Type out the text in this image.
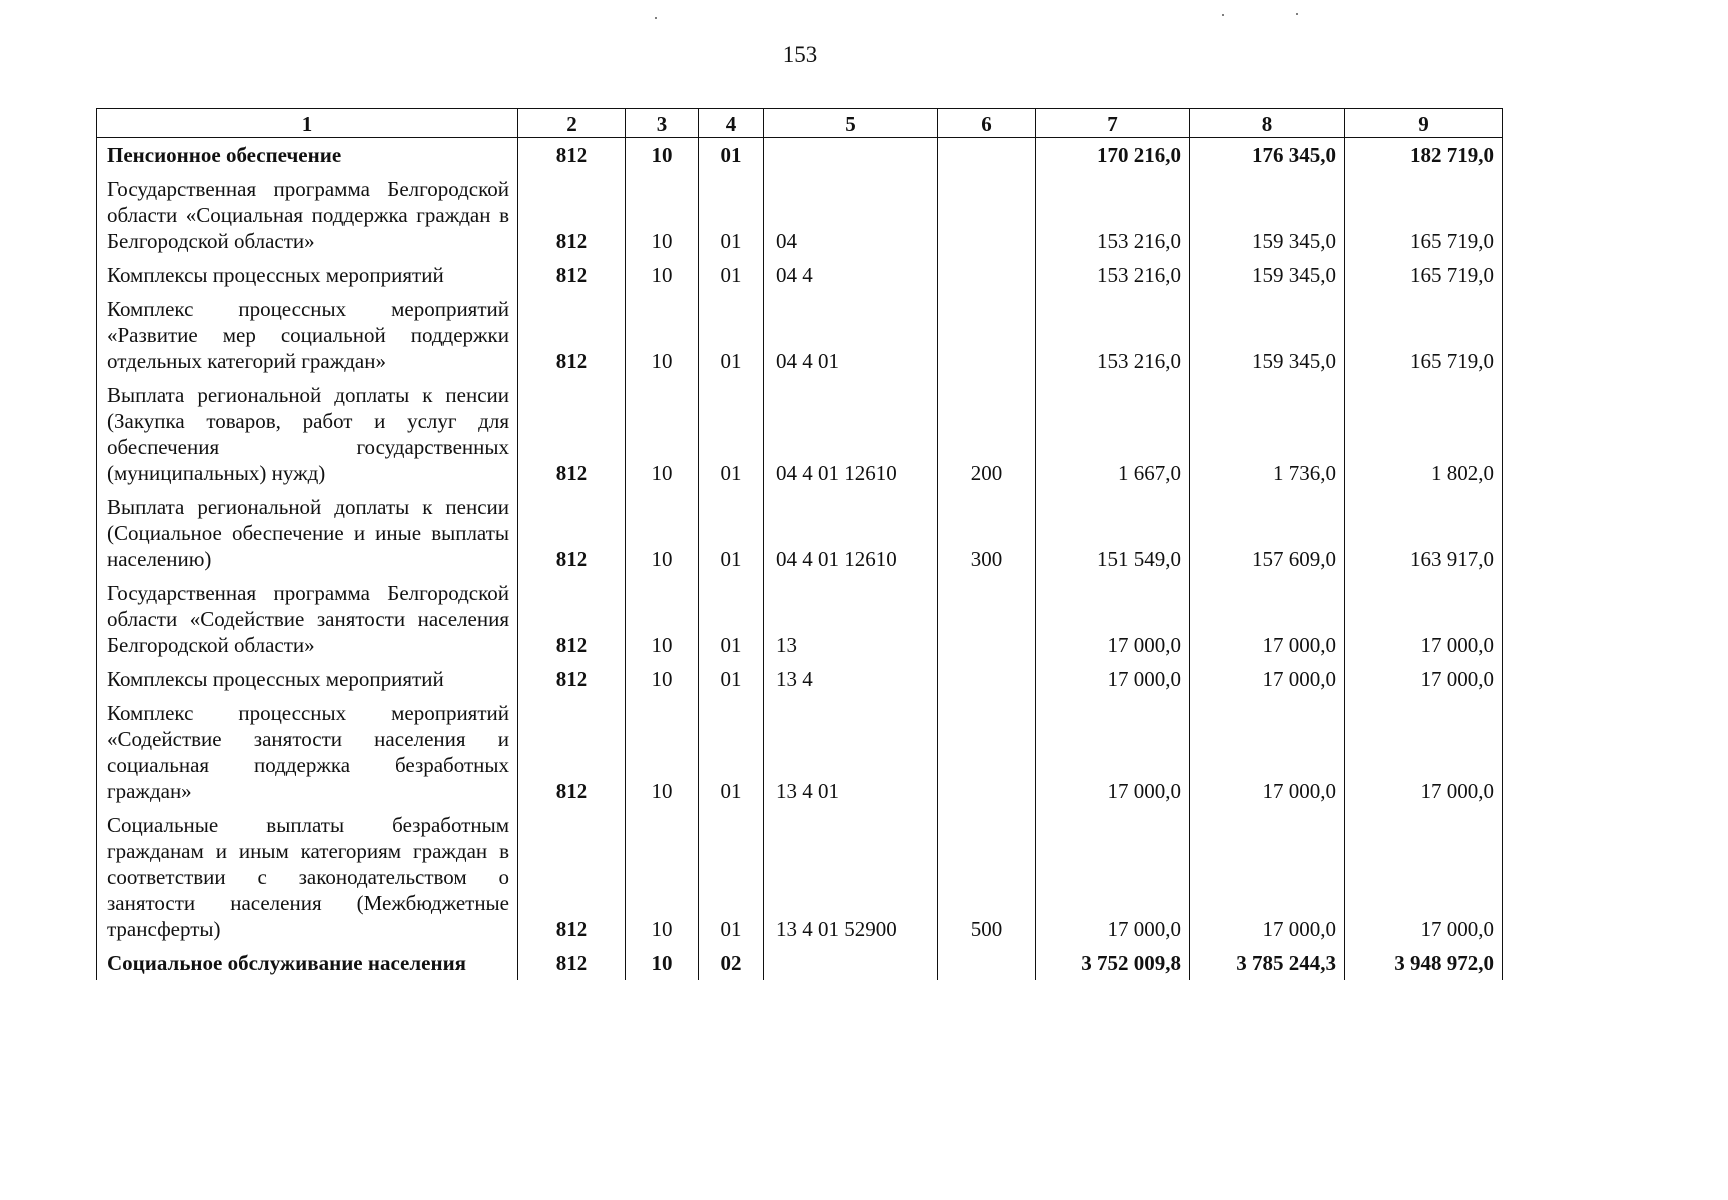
153
1	2	3	4	5	6	7	8	9
Пенсионное обеспечение	812	10	01			170 216,0	176 345,0	182 719,0
Государственная программа Белгородской области «Социальная поддержка граждан в Белгородской области»	812	10	01	04		153 216,0	159 345,0	165 719,0
Комплексы процессных мероприятий	812	10	01	04 4		153 216,0	159 345,0	165 719,0
Комплекс процессных мероприятий «Развитие мер социальной поддержки отдельных категорий граждан»	812	10	01	04 4 01		153 216,0	159 345,0	165 719,0
Выплата региональной доплаты к пенсии (Закупка товаров, работ и услуг для обеспечения государственных (муниципальных) нужд)	812	10	01	04 4 01 12610	200	1 667,0	1 736,0	1 802,0
Выплата региональной доплаты к пенсии (Социальное обеспечение и иные выплаты населению)	812	10	01	04 4 01 12610	300	151 549,0	157 609,0	163 917,0
Государственная программа Белгородской области «Содействие занятости населения Белгородской области»	812	10	01	13		17 000,0	17 000,0	17 000,0
Комплексы процессных мероприятий	812	10	01	13 4		17 000,0	17 000,0	17 000,0
Комплекс процессных мероприятий «Содействие занятости населения и социальная поддержка безработных граждан»	812	10	01	13 4 01		17 000,0	17 000,0	17 000,0
Социальные выплаты безработным гражданам и иным категориям граждан в соответствии с законодательством о занятости населения (Межбюджетные трансферты)	812	10	01	13 4 01 52900	500	17 000,0	17 000,0	17 000,0
Социальное обслуживание населения	812	10	02			3 752 009,8	3 785 244,3	3 948 972,0
